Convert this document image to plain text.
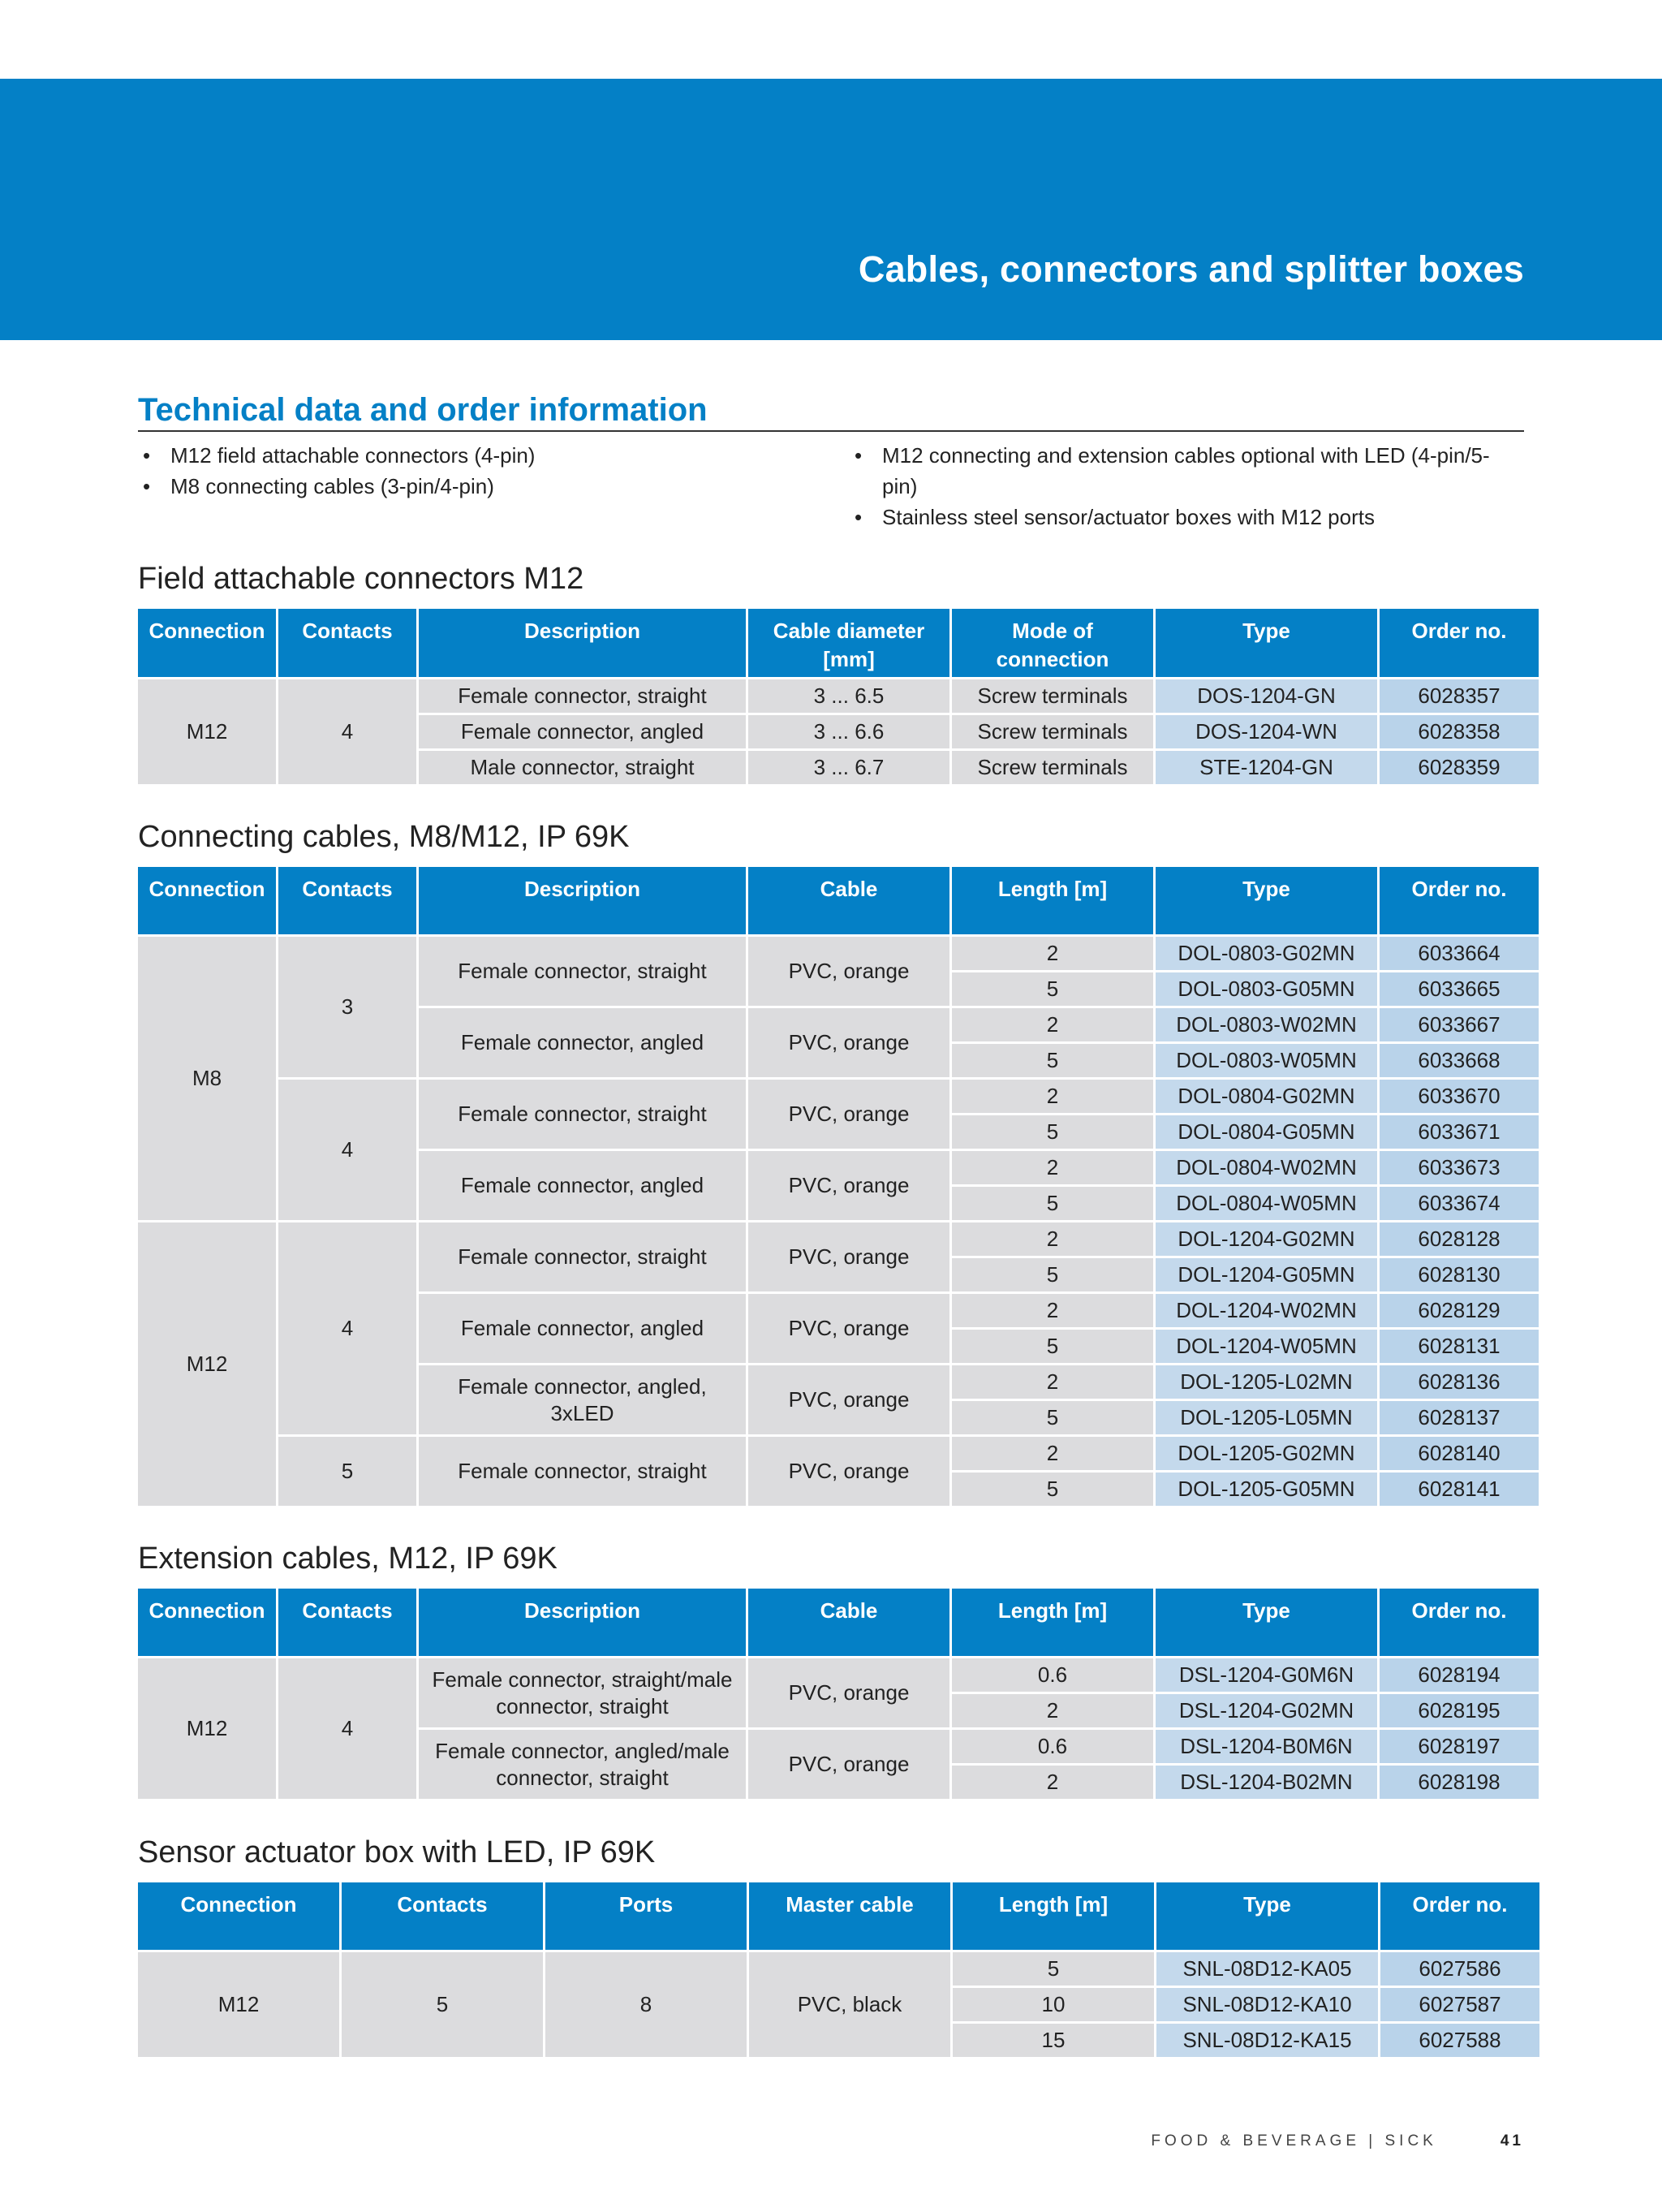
Cables, connectors and splitter boxes
Technical data and order information
• M12 field attachable connectors (4-pin)
• M8 connecting cables (3-pin/4-pin)
• M12 connecting and extension cables optional with LED (4-pin/5-pin)
• Stainless steel sensor/actuator boxes with M12 ports
Field attachable connectors M12
Connection	Contacts	Description	Cable diameter [mm]	Mode of connection	Type	Order no.
M12	4	Female connector, straight	3 ... 6.5	Screw terminals	DOS-1204-GN	6028357
		Female connector, angled	3 ... 6.6	Screw terminals	DOS-1204-WN	6028358
		Male connector, straight	3 ... 6.7	Screw terminals	STE-1204-GN	6028359
Connecting cables, M8/M12, IP 69K
Connection	Contacts	Description	Cable	Length [m]	Type	Order no.
M8	3	Female connector, straight	PVC, orange	2	DOL-0803-G02MN	6033664
				5	DOL-0803-G05MN	6033665
		Female connector, angled	PVC, orange	2	DOL-0803-W02MN	6033667
				5	DOL-0803-W05MN	6033668
	4	Female connector, straight	PVC, orange	2	DOL-0804-G02MN	6033670
				5	DOL-0804-G05MN	6033671
		Female connector, angled	PVC, orange	2	DOL-0804-W02MN	6033673
				5	DOL-0804-W05MN	6033674
M12	4	Female connector, straight	PVC, orange	2	DOL-1204-G02MN	6028128
				5	DOL-1204-G05MN	6028130
		Female connector, angled	PVC, orange	2	DOL-1204-W02MN	6028129
				5	DOL-1204-W05MN	6028131
		Female connector, angled, 3xLED	PVC, orange	2	DOL-1205-L02MN	6028136
				5	DOL-1205-L05MN	6028137
	5	Female connector, straight	PVC, orange	2	DOL-1205-G02MN	6028140
				5	DOL-1205-G05MN	6028141
Extension cables, M12, IP 69K
Connection	Contacts	Description	Cable	Length [m]	Type	Order no.
M12	4	Female connector, straight/male connector, straight	PVC, orange	0.6	DSL-1204-G0M6N	6028194
				2	DSL-1204-G02MN	6028195
		Female connector, angled/male connector, straight	PVC, orange	0.6	DSL-1204-B0M6N	6028197
				2	DSL-1204-B02MN	6028198
Sensor actuator box with LED, IP 69K
Connection	Contacts	Ports	Master cable	Length [m]	Type	Order no.
M12	5	8	PVC, black	5	SNL-08D12-KA05	6027586
				10	SNL-08D12-KA10	6027587
				15	SNL-08D12-KA15	6027588
FOOD & BEVERAGE | SICK	41
